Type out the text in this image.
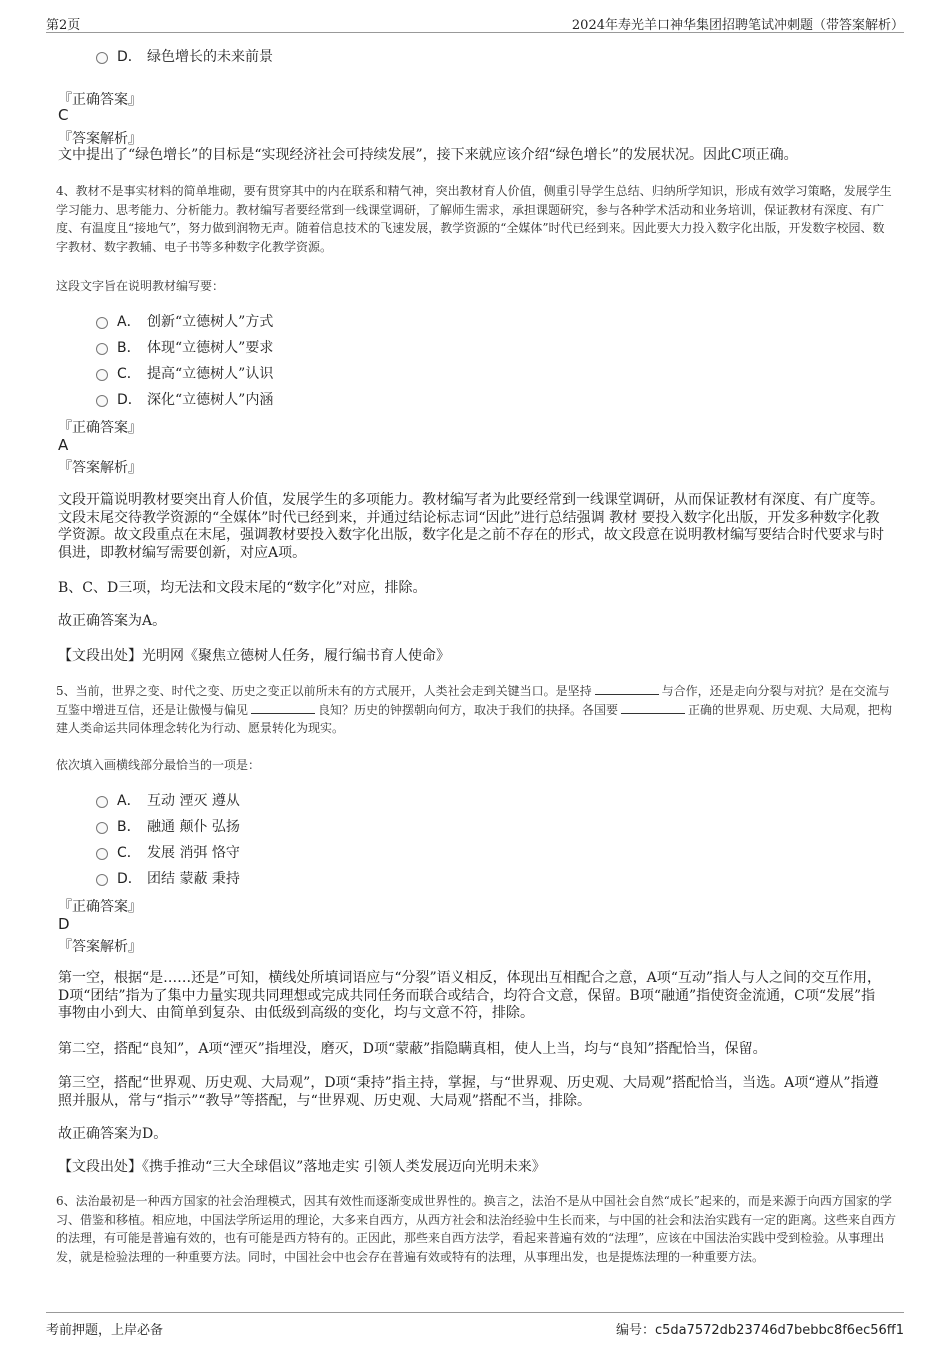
第2页	2024年寿光羊口神华集团招聘笔试冲刺题（带答案解析）
D． 绿色增长的未来前景
『正确答案』
C
『答案解析』
文中提出了“绿色增长”的目标是“实现经济社会可持续发展”，接下来就应该介绍“绿色增长”的发展状况。因此C项正确。
4、教材不是事实材料的简单堆砌，要有贯穿其中的内在联系和精气神，突出教材育人价值，侧重引导学生总结、归纳所学知识，形成有效学习策略，发展学生学习能力、思考能力、分析能力。教材编写者要经常到一线课堂调研，了解师生需求，承担课题研究，参与各种学术活动和业务培训，保证教材有深度、有广度、有温度且“接地气”，努力做到润物无声。随着信息技术的飞速发展，教学资源的“全媒体”时代已经到来。因此要大力投入数字化出版，开发数字校园、数字教材、数字教辅、电子书等多种数字化教学资源。
这段文字旨在说明教材编写要：
A． 创新“立德树人”方式
B． 体现“立德树人”要求
C． 提高“立德树人”认识
D． 深化“立德树人”内涵
『正确答案』
A
『答案解析』
文段开篇说明教材要突出育人价值，发展学生的多项能力。教材编写者为此要经常到一线课堂调研，从而保证教材有深度、有广度等。文段末尾交待教学资源的“全媒体”时代已经到来，并通过结论标志词“因此”进行总结强调 教材 要投入数字化出版，开发多种数字化教学资源。故文段重点在末尾，强调教材要投入数字化出版，数字化是之前不存在的形式，故文段意在说明教材编写要结合时代要求与时俱进，即教材编写需要创新，对应A项。
B、C、D三项，均无法和文段末尾的“数字化”对应，排除。
故正确答案为A。
【文段出处】光明网《聚焦立德树人任务，履行编书育人使命》
5、当前，世界之变、时代之变、历史之变正以前所未有的方式展开，人类社会走到关键当口。是坚持	与合作，还是走向分裂与对抗？是在交流与互鉴中增进互信，还是让傲慢与偏见	良知？历史的钟摆朝向何方，取决于我们的抉择。各国要	正确的世界观、历史观、大局观，把构建人类命运共同体理念转化为行动、愿景转化为现实。
依次填入画横线部分最恰当的一项是：
A． 互动 湮灭 遵从
B． 融通 颠仆 弘扬
C． 发展 消弭 恪守
D． 团结 蒙蔽 秉持
『正确答案』
D
『答案解析』
第一空，根据“是……还是”可知，横线处所填词语应与“分裂”语义相反，体现出互相配合之意，A项“互动”指人与人之间的交互作用，D项“团结”指为了集中力量实现共同理想或完成共同任务而联合或结合，均符合文意，保留。B项“融通”指使资金流通，C项“发展”指事物由小到大、由简单到复杂、由低级到高级的变化，均与文意不符，排除。
第二空，搭配“良知”，A项“湮灭”指埋没，磨灭，D项“蒙蔽”指隐瞒真相，使人上当，均与“良知”搭配恰当，保留。
第三空，搭配“世界观、历史观、大局观”，D项“秉持”指主持，掌握，与“世界观、历史观、大局观”搭配恰当，当选。A项“遵从”指遵照并服从，常与“指示”“教导”等搭配，与“世界观、历史观、大局观”搭配不当，排除。
故正确答案为D。
【文段出处】《携手推动“三大全球倡议”落地走实 引领人类发展迈向光明未来》
6、法治最初是一种西方国家的社会治理模式，因其有效性而逐渐变成世界性的。换言之，法治不是从中国社会自然“成长”起来的，而是来源于向西方国家的学习、借鉴和移植。相应地，中国法学所运用的理论，大多来自西方，从西方社会和法治经验中生长而来，与中国的社会和法治实践有一定的距离。这些来自西方的法理，有可能是普遍有效的，也有可能是西方特有的。正因此，那些来自西方法学，看起来普遍有效的“法理”，应该在中国法治实践中受到检验。从事理出发，就是检验法理的一种重要方法。同时，中国社会中也会存在普遍有效或特有的法理，从事理出发，也是提炼法理的一种重要方法。
考前押题，上岸必备	编号：c5da7572db23746d7bebbc8f6ec56ff1
